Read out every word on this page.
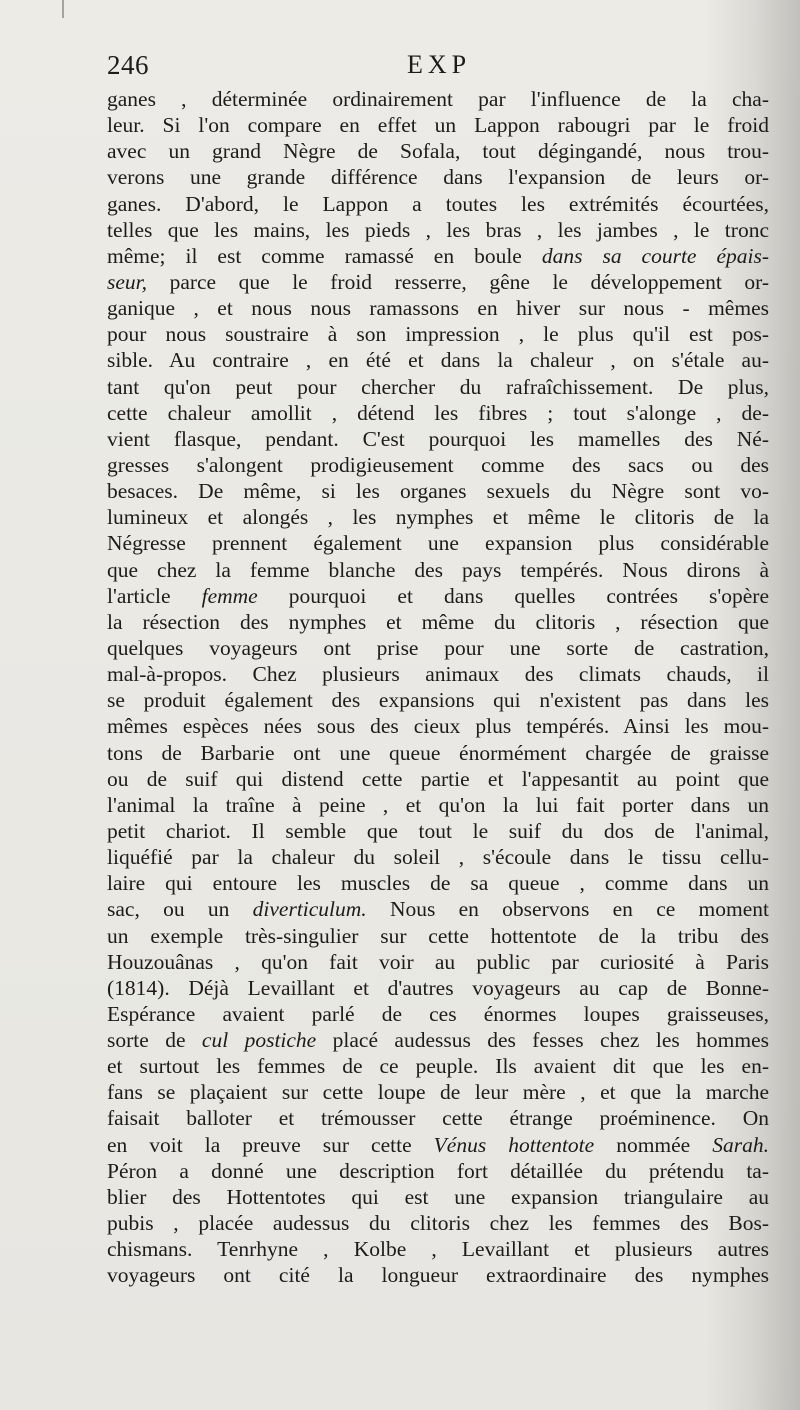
246	EXP
ganes , déterminée ordinairement par l'influence de la cha-
leur. Si l'on compare en effet un Lappon rabougri par le froid
avec un grand Nègre de Sofala, tout dégingandé, nous trou-
verons une grande différence dans l'expansion de leurs or-
ganes. D'abord, le Lappon a toutes les extrémités écourtées,
telles que les mains, les pieds , les bras , les jambes , le tronc
même; il est comme ramassé en boule dans sa courte épais-
seur, parce que le froid resserre, gêne le développement or-
ganique , et nous nous ramassons en hiver sur nous - mêmes
pour nous soustraire à son impression , le plus qu'il est pos-
sible. Au contraire , en été et dans la chaleur , on s'étale au-
tant qu'on peut pour chercher du rafraîchissement. De plus,
cette chaleur amollit , détend les fibres ; tout s'alonge , de-
vient flasque, pendant. C'est pourquoi les mamelles des Né-
gresses s'alongent prodigieusement comme des sacs ou des
besaces. De même, si les organes sexuels du Nègre sont vo-
lumineux et alongés , les nymphes et même le clitoris de la
Négresse prennent également une expansion plus considérable
que chez la femme blanche des pays tempérés. Nous dirons à
l'article femme pourquoi et dans quelles contrées s'opère
la résection des nymphes et même du clitoris , résection que
quelques voyageurs ont prise pour une sorte de castration,
mal-à-propos. Chez plusieurs animaux des climats chauds, il
se produit également des expansions qui n'existent pas dans les
mêmes espèces nées sous des cieux plus tempérés. Ainsi les mou-
tons de Barbarie ont une queue énormément chargée de graisse
ou de suif qui distend cette partie et l'appesantit au point que
l'animal la traîne à peine , et qu'on la lui fait porter dans un
petit chariot. Il semble que tout le suif du dos de l'animal,
liquéfié par la chaleur du soleil , s'écoule dans le tissu cellu-
laire qui entoure les muscles de sa queue , comme dans un
sac, ou un diverticulum. Nous en observons en ce moment
un exemple très-singulier sur cette hottentote de la tribu des
Houzouânas , qu'on fait voir au public par curiosité à Paris
(1814). Déjà Levaillant et d'autres voyageurs au cap de Bonne-
Espérance avaient parlé de ces énormes loupes graisseuses,
sorte de cul postiche placé audessus des fesses chez les hommes
et surtout les femmes de ce peuple. Ils avaient dit que les en-
fans se plaçaient sur cette loupe de leur mère , et que la marche
faisait balloter et trémousser cette étrange proéminence. On
en voit la preuve sur cette Vénus hottentote nommée Sarah.
Péron a donné une description fort détaillée du prétendu ta-
blier des Hottentotes qui est une expansion triangulaire au
pubis , placée audessus du clitoris chez les femmes des Bos-
chismans. Tenrhyne , Kolbe , Levaillant et plusieurs autres
voyageurs ont cité la longueur extraordinaire des nymphes
